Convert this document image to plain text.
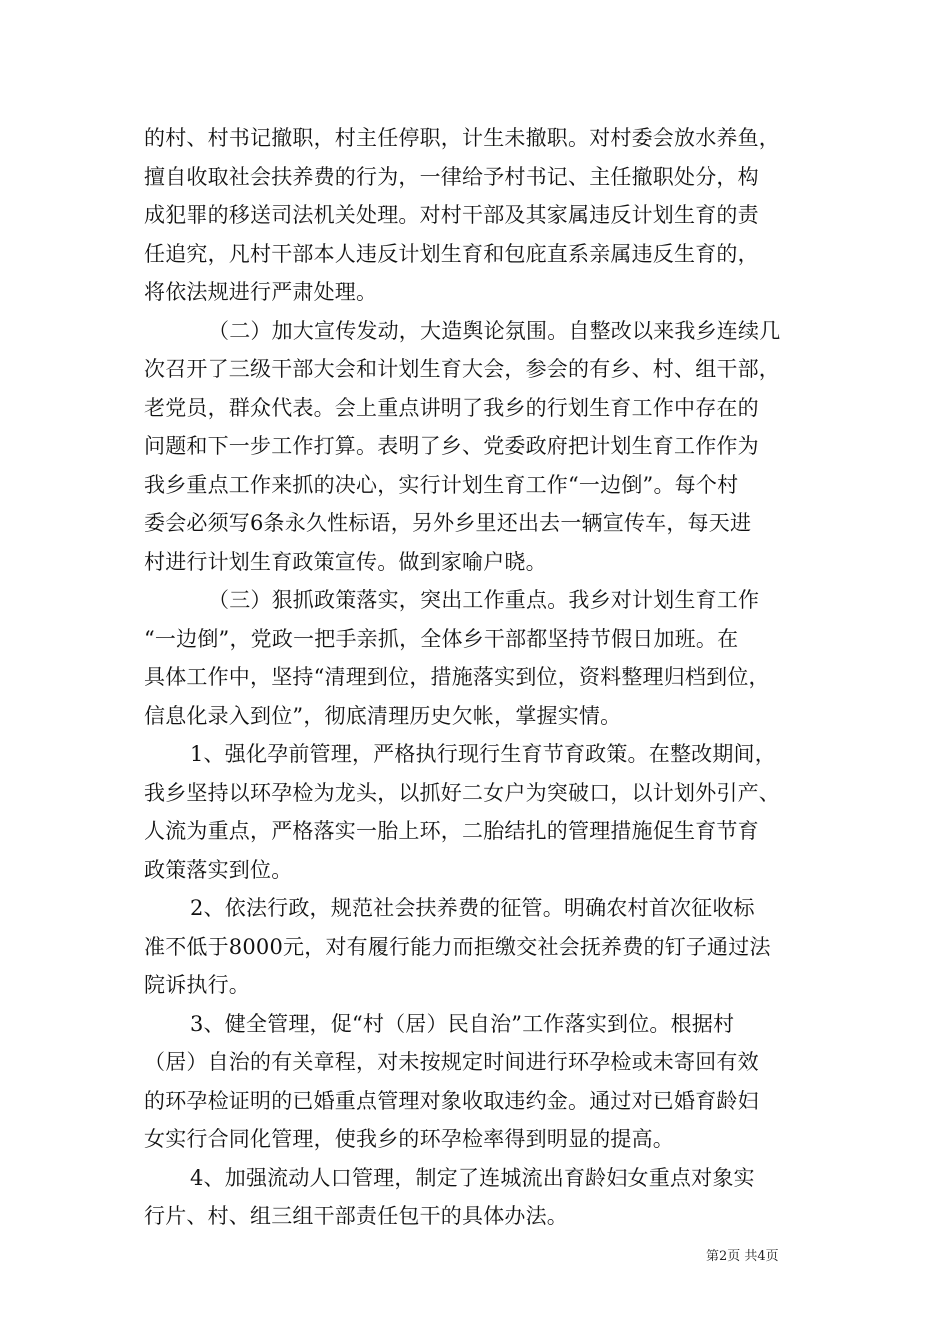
的村、村书记撤职，村主任停职，计生未撤职。对村委会放水养鱼，
擅自收取社会扶养费的行为，一律给予村书记、主任撤职处分，构
成犯罪的移送司法机关处理。对村干部及其家属违反计划生育的责
任追究，凡村干部本人违反计划生育和包庇直系亲属违反生育的，
将依法规进行严肃处理。
（二）加大宣传发动，大造舆论氛围。自整改以来我乡连续几
次召开了三级干部大会和计划生育大会，参会的有乡、村、组干部，
老党员，群众代表。会上重点讲明了我乡的行划生育工作中存在的
问题和下一步工作打算。表明了乡、党委政府把计划生育工作作为
我乡重点工作来抓的决心，实行计划生育工作“一边倒”。每个村
委会必须写6条永久性标语，另外乡里还出去一辆宣传车，每天进
村进行计划生育政策宣传。做到家喻户晓。
（三）狠抓政策落实，突出工作重点。我乡对计划生育工作
“一边倒”，党政一把手亲抓，全体乡干部都坚持节假日加班。在
具体工作中，坚持“清理到位，措施落实到位，资料整理归档到位，
信息化录入到位”，彻底清理历史欠帐，掌握实情。
1、强化孕前管理，严格执行现行生育节育政策。在整改期间，
我乡坚持以环孕检为龙头，以抓好二女户为突破口，以计划外引产、
人流为重点，严格落实一胎上环，二胎结扎的管理措施促生育节育
政策落实到位。
2、依法行政，规范社会扶养费的征管。明确农村首次征收标
准不低于8000元，对有履行能力而拒缴交社会抚养费的钉子通过法
院诉执行。
3、健全管理，促“村（居）民自治”工作落实到位。根据村
（居）自治的有关章程，对未按规定时间进行环孕检或未寄回有效
的环孕检证明的已婚重点管理对象收取违约金。通过对已婚育龄妇
女实行合同化管理，使我乡的环孕检率得到明显的提高。
4、加强流动人口管理，制定了连城流出育龄妇女重点对象实
行片、村、组三组干部责任包干的具体办法。
第2页 共4页
